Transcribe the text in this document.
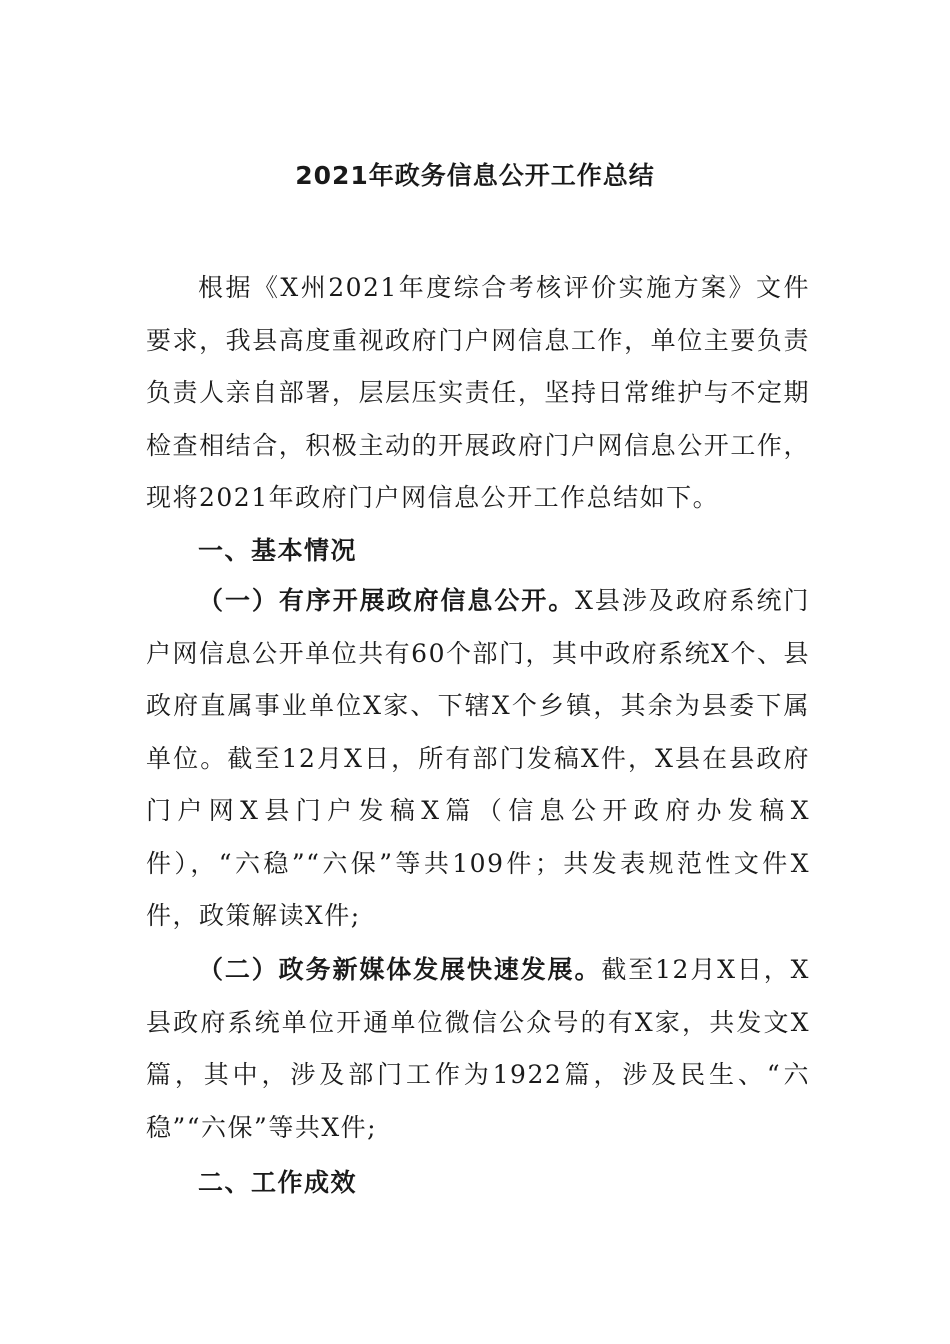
2021年政务信息公开工作总结
根据《X州2021年度综合考核评价实施方案》文件要求，我县高度重视政府门户网信息工作，单位主要负责负责人亲自部署，层层压实责任，坚持日常维护与不定期检查相结合，积极主动的开展政府门户网信息公开工作，现将2021年政府门户网信息公开工作总结如下。
一、基本情况
（一）有序开展政府信息公开。X县涉及政府系统门户网信息公开单位共有60个部门，其中政府系统X个、县政府直属事业单位X家、下辖X个乡镇，其余为县委下属单位。截至12月X日，所有部门发稿X件，X县在县政府门户网X县门户发稿X篇（信息公开政府办发稿X件），“六稳”“六保”等共109件；共发表规范性文件X件，政策解读X件;
（二）政务新媒体发展快速发展。截至12月X日，X县政府系统单位开通单位微信公众号的有X家，共发文X篇，其中，涉及部门工作为1922篇，涉及民生、“六稳”“六保”等共X件;
二、工作成效
